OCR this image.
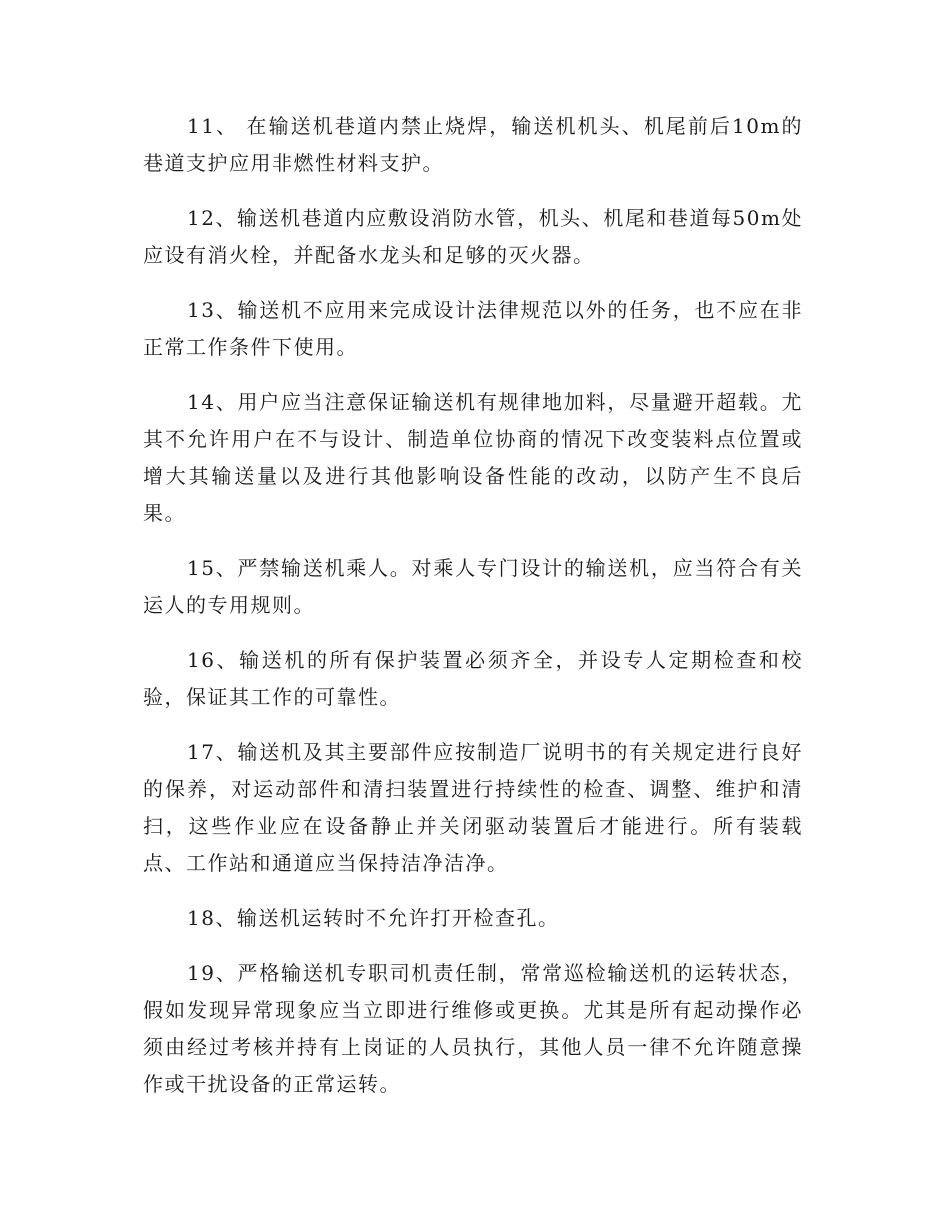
11、 在输送机巷道内禁止烧焊，输送机机头、机尾前后10m的巷道支护应用非燃性材料支护。

12、输送机巷道内应敷设消防水管，机头、机尾和巷道每50m处应设有消火栓，并配备水龙头和足够的灭火器。

13、输送机不应用来完成设计法律规范以外的任务，也不应在非正常工作条件下使用。

14、用户应当注意保证输送机有规律地加料，尽量避开超载。尤其不允许用户在不与设计、制造单位协商的情况下改变装料点位置或增大其输送量以及进行其他影响设备性能的改动，以防产生不良后果。

15、严禁输送机乘人。对乘人专门设计的输送机，应当符合有关运人的专用规则。

16、输送机的所有保护装置必须齐全，并设专人定期检查和校验，保证其工作的可靠性。

17、输送机及其主要部件应按制造厂说明书的有关规定进行良好的保养，对运动部件和清扫装置进行持续性的检查、调整、维护和清扫，这些作业应在设备静止并关闭驱动装置后才能进行。所有装载点、工作站和通道应当保持洁净洁净。

18、输送机运转时不允许打开检查孔。

19、严格输送机专职司机责任制，常常巡检输送机的运转状态，假如发现异常现象应当立即进行维修或更换。尤其是所有起动操作必须由经过考核并持有上岗证的人员执行，其他人员一律不允许随意操作或干扰设备的正常运转。
